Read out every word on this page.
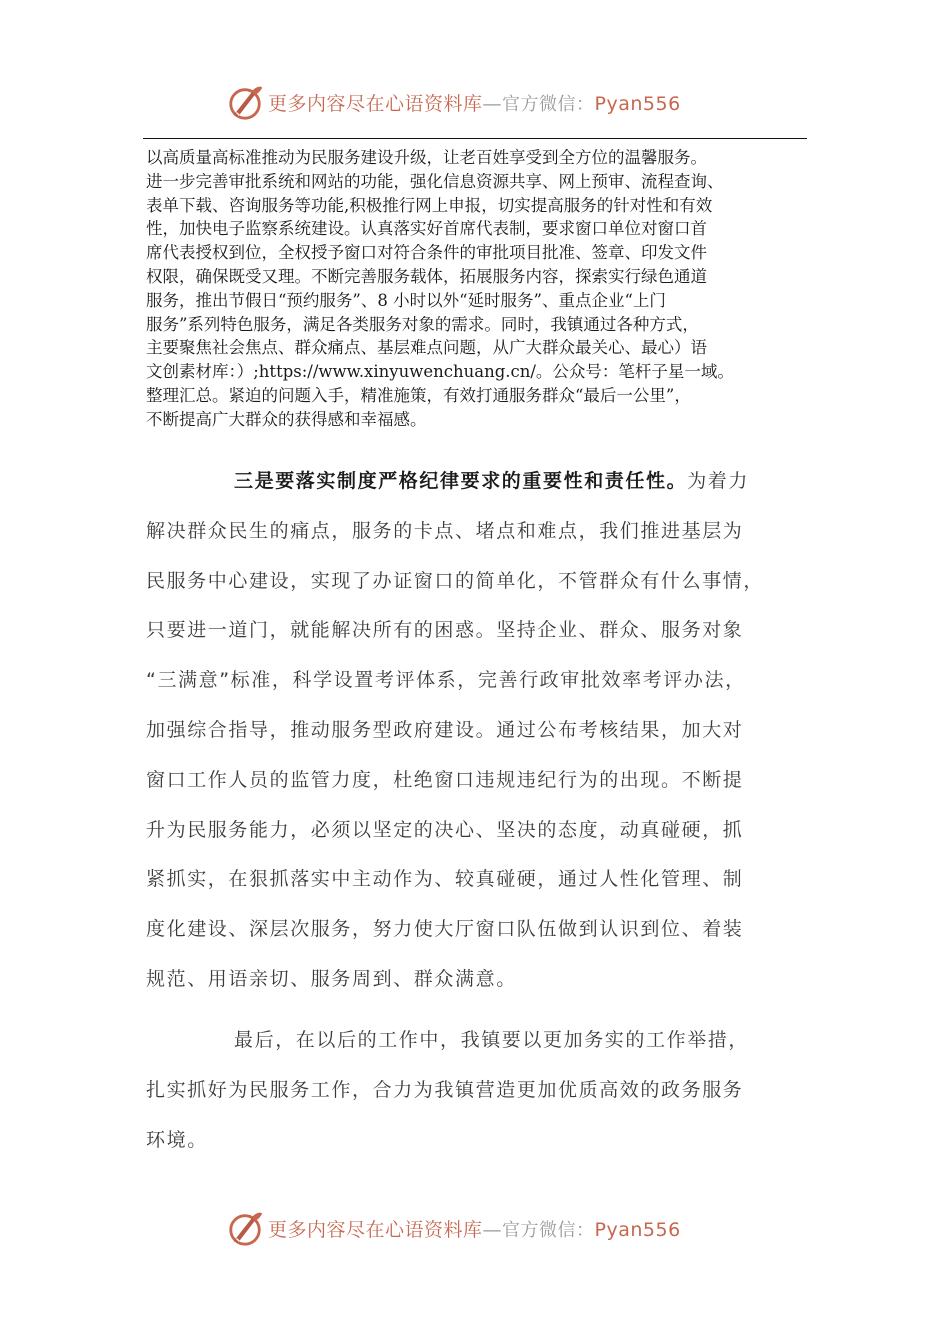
更多内容尽在心语资料库—官方微信：Pyan556
以高质量高标准推动为民服务建设升级，让老百姓享受到全方位的温馨服务。
进一步完善审批系统和网站的功能，强化信息资源共享、网上预审、流程查询、
表单下载、咨询服务等功能,积极推行网上申报，切实提高服务的针对性和有效
性，加快电子监察系统建设。认真落实好首席代表制，要求窗口单位对窗口首
席代表授权到位，全权授予窗口对符合条件的审批项目批准、签章、印发文件
权限，确保既受又理。不断完善服务载体，拓展服务内容，探索实行绿色通道
服务，推出节假日“预约服务”、8 小时以外“延时服务”、重点企业“上门
服务”系列特色服务，满足各类服务对象的需求。同时，我镇通过各种方式，
主要聚焦社会焦点、群众痛点、基层难点问题，从广大群众最关心、最心）语
文创素材库：）;https://www.xinyuwenchuang.cn/。公众号：笔杆子星一域。
整理汇总。紧迫的问题入手，精准施策，有效打通服务群众“最后一公里”，
不断提高广大群众的获得感和幸福感。
三是要落实制度严格纪律要求的重要性和责任性。为着力
解决群众民生的痛点，服务的卡点、堵点和难点，我们推进基层为
民服务中心建设，实现了办证窗口的简单化，不管群众有什么事情，
只要进一道门，就能解决所有的困惑。坚持企业、群众、服务对象
“三满意”标准，科学设置考评体系，完善行政审批效率考评办法，
加强综合指导，推动服务型政府建设。通过公布考核结果，加大对
窗口工作人员的监管力度，杜绝窗口违规违纪行为的出现。不断提
升为民服务能力，必须以坚定的决心、坚决的态度，动真碰硬，抓
紧抓实，在狠抓落实中主动作为、较真碰硬，通过人性化管理、制
度化建设、深层次服务，努力使大厅窗口队伍做到认识到位、着装
规范、用语亲切、服务周到、群众满意。
最后，在以后的工作中，我镇要以更加务实的工作举措，
扎实抓好为民服务工作，合力为我镇营造更加优质高效的政务服务
环境。
更多内容尽在心语资料库—官方微信：Pyan556
